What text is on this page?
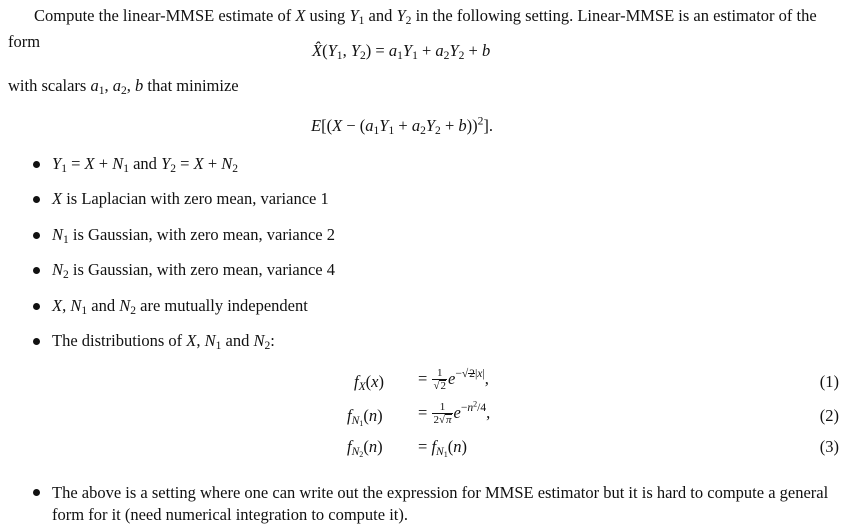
Compute the linear-MMSE estimate of X using $Y_1$ and $Y_2$ in the following setting. Linear-MMSE is an estimator of the form	$X̂(Y_1$, $Y_2) = a_1Y_1 + a_2Y_2 + b$
with scalars $a_1$, $a_2$, b that minimize
$E[(X - (a_1Y_1 + a_2Y_2 + b))^2]$.
$Y_1 = X + N_1$ and $Y_2 = X + N_2$
X is Laplacian with zero mean, variance 1
$N_1$ is Gaussian, with zero mean, variance 2
$N_2$ is Gaussian, with zero mean, variance 4
X, $N_1$ and $N_2$ are mutually independent
The distributions of X, $N_1$ and $N_2$:
$f_X(x) = \frac{1}{√2} e^{-√2|x|}$,	(1)
$f_{N_1}(n) = \frac{1}{2√\pi} e^{-n^2/4}$,	(2)
$f_{N_2}(n) = f_{N_1}(n)$	(3)
The above is a setting where one can write out the expression for MMSE estimator but it is hard to compute a general form for it (need numerical integration to compute it).
